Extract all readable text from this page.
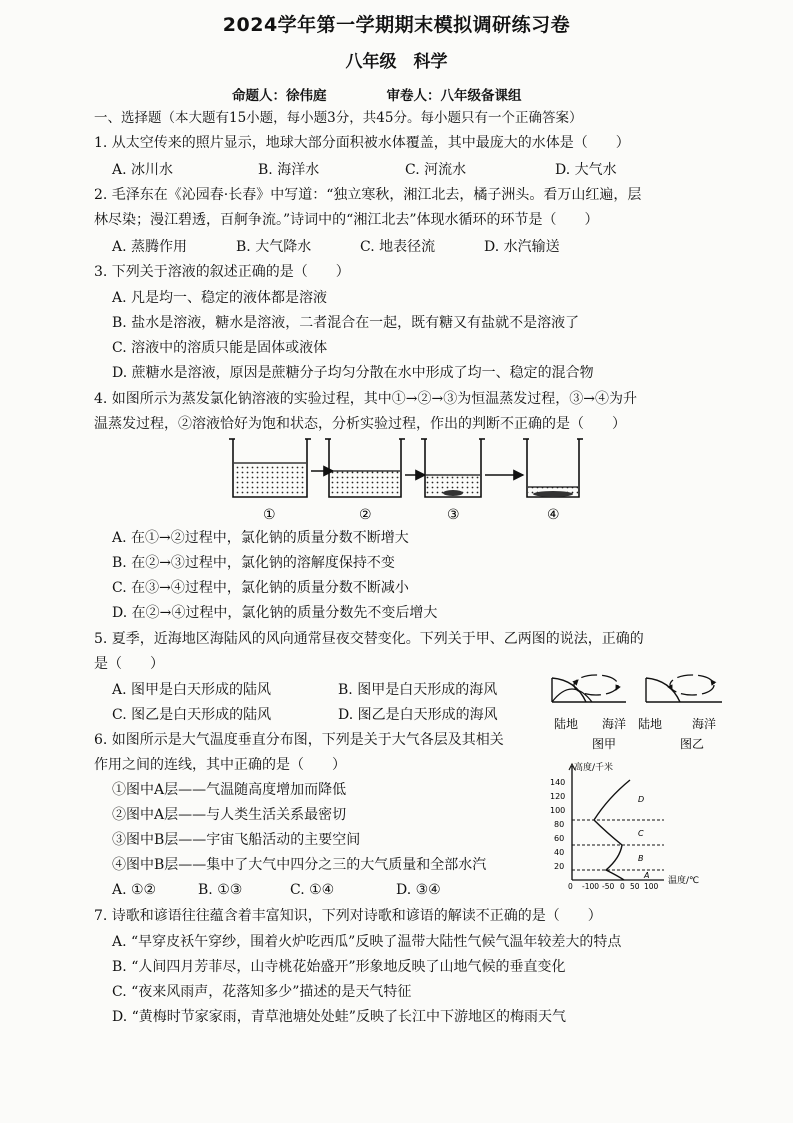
2024学年第一学期期末模拟调研练习卷
八年级　科学
命题人：徐伟庭	审卷人：八年级备课组
一、选择题（本大题有15小题，每小题3分，共45分。每小题只有一个正确答案）
1. 从太空传来的照片显示，地球大部分面积被水体覆盖，其中最庞大的水体是（　　）
A. 冰川水	B. 海洋水	C. 河流水	D. 大气水
2. 毛泽东在《沁园春·长春》中写道：“独立寒秋，湘江北去，橘子洲头。看万山红遍，层
林尽染；漫江碧透，百舸争流。”诗词中的“湘江北去”体现水循环的环节是（　　）
A. 蒸腾作用	B. 大气降水	C. 地表径流	D. 水汽输送
3. 下列关于溶液的叙述正确的是（　　）
A. 凡是均一、稳定的液体都是溶液
B. 盐水是溶液，糖水是溶液，二者混合在一起，既有糖又有盐就不是溶液了
C. 溶液中的溶质只能是固体或液体
D. 蔗糖水是溶液，原因是蔗糖分子均匀分散在水中形成了均一、稳定的混合物
4. 如图所示为蒸发氯化钠溶液的实验过程，其中①→②→③为恒温蒸发过程，③→④为升
温蒸发过程，②溶液恰好为饱和状态，分析实验过程，作出的判断不正确的是（　　）
①	②	③	④
A. 在①→②过程中，氯化钠的质量分数不断增大
B. 在②→③过程中，氯化钠的溶解度保持不变
C. 在③→④过程中，氯化钠的质量分数不断减小
D. 在②→④过程中，氯化钠的质量分数先不变后增大
5. 夏季，近海地区海陆风的风向通常昼夜交替变化。下列关于甲、乙两图的说法，正确的
是（　　）
A. 图甲是白天形成的陆风	B. 图甲是白天形成的海风
C. 图乙是白天形成的陆风	D. 图乙是白天形成的海风
陆地 海洋 陆地 海洋
图甲	图乙
6. 如图所示是大气温度垂直分布图，下列是关于大气各层及其相关
作用之间的连线，其中正确的是（　　）
①图中A层——气温随高度增加而降低
②图中A层——与人类生活关系最密切
③图中B层——宇宙飞船活动的主要空间
④图中B层——集中了大气中四分之三的大气质量和全部水汽
A. ①②	B. ①③	C. ①④	D. ③④
高度/千米
温度/℃
20
40
60
80
100
120
140
0 -100 -50 0 50 100
A
B
C
D
7. 诗歌和谚语往往蕴含着丰富知识，下列对诗歌和谚语的解读不正确的是（　　）
A. “早穿皮袄午穿纱，围着火炉吃西瓜”反映了温带大陆性气候气温年较差大的特点
B. “人间四月芳菲尽，山寺桃花始盛开”形象地反映了山地气候的垂直变化
C. “夜来风雨声，花落知多少”描述的是天气特征
D. “黄梅时节家家雨，青草池塘处处蛙”反映了长江中下游地区的梅雨天气
